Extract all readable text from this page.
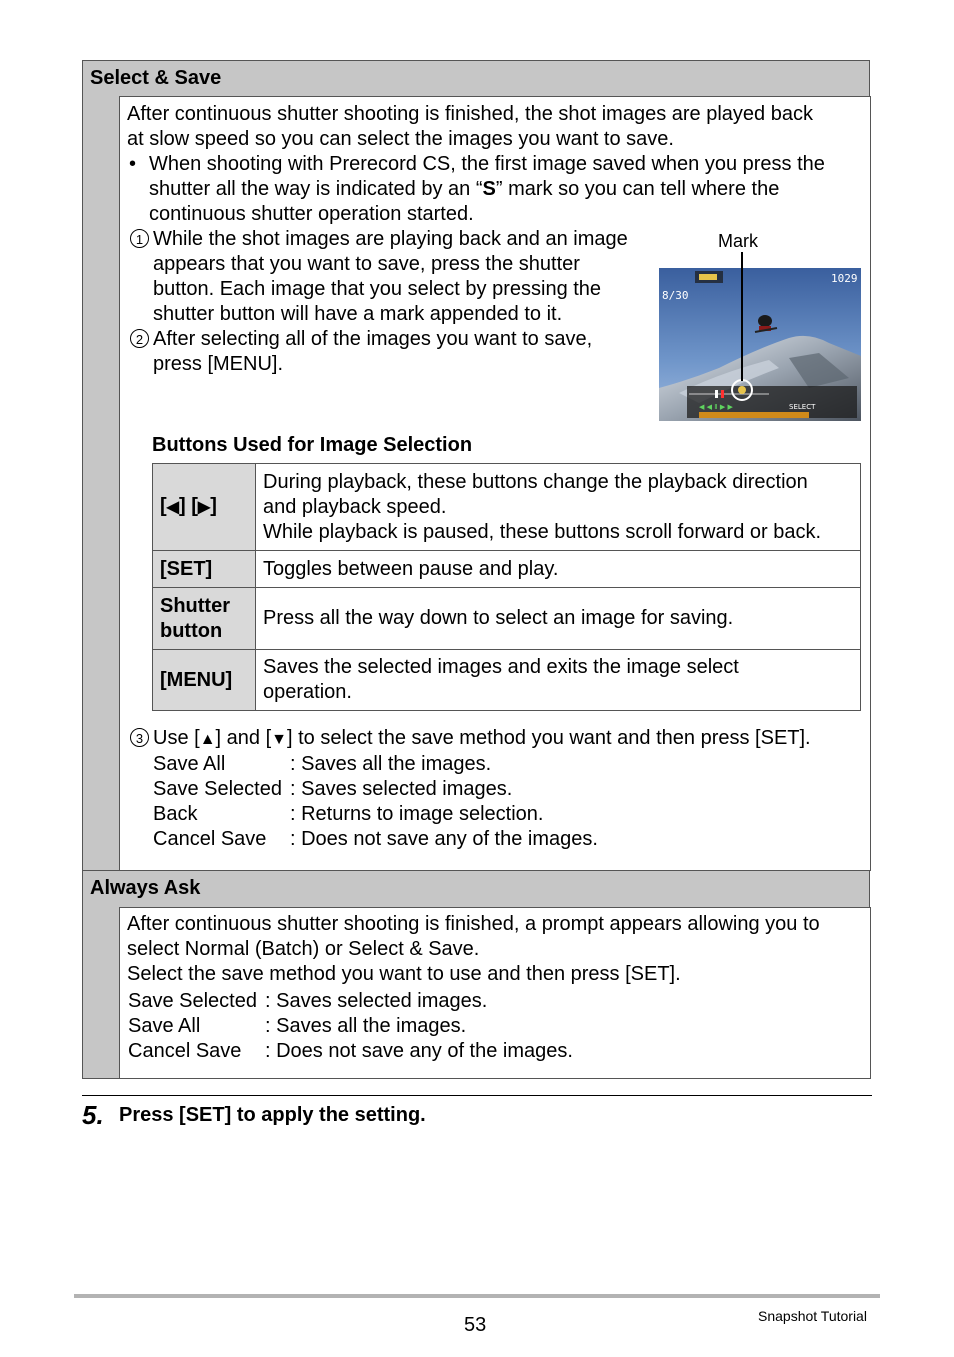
Select & Save
After continuous shutter shooting is finished, the shot images are played back
at slow speed so you can select the images you want to save.
• When shooting with Prerecord CS, the first image saved when you press the
shutter all the way is indicated by an “S” mark so you can tell where the
continuous shutter operation started.
1 While the shot images are playing back and an image
appears that you want to save, press the shutter
button. Each image that you select by pressing the
shutter button will have a mark appended to it.
2 After selecting all of the images you want to save,
press [MENU].
Mark
8/30
1029
◀ ◀ Ⅱ ▶ ▶	SELECT
Buttons Used for Image Selection
[◀] [▶]	During playback, these buttons change the playback direction
and playback speed.
While playback is paused, these buttons scroll forward or back.

[SET]	Toggles between pause and play.

Shutter
button	Press all the way down to select an image for saving.

[MENU]	Saves the selected images and exits the image select
operation.
3 Use [▲] and [▼] to select the save method you want and then press [SET].
Save All	: Saves all the images.
Save Selected : Saves selected images.
Back	: Returns to image selection.
Cancel Save : Does not save any of the images.
Always Ask
After continuous shutter shooting is finished, a prompt appears allowing you to
select Normal (Batch) or Select & Save.
Select the save method you want to use and then press [SET].
Save Selected : Saves selected images.
Save All	: Saves all the images.
Cancel Save : Does not save any of the images.
5. Press [SET] to apply the setting.
53	Snapshot Tutorial
